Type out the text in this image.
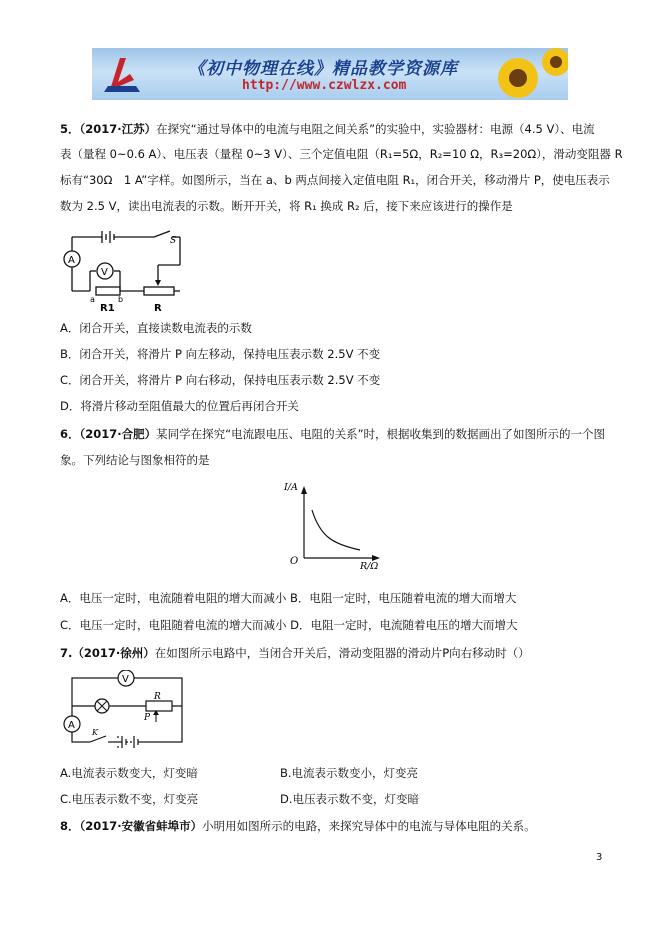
《初中物理在线》精品教学资源库
http://www.czwlzx.com
5．（2017·江苏）在探究“通过导体中的电流与电阻之间关系”的实验中，实验器材：电源（4.5 V）、电流
表（量程 0~0.6 A）、电压表（量程 0~3 V）、三个定值电阻（R₁=5Ω，R₂=10 Ω，R₃=20Ω），滑动变阻器 R
标有“30Ω　1 A”字样。如图所示，当在 a、b 两点间接入定值电阻 R₁，闭合开关，移动滑片 P，使电压表示
数为 2.5 V，读出电流表的示数。断开开关，将 R₁ 换成 R₂ 后，接下来应该进行的操作是
A
V
S
a	b
R1	R
A．闭合开关，直接读数电流表的示数
B．闭合开关，将滑片 P 向左移动，保持电压表示数 2.5V 不变
C．闭合开关，将滑片 P 向右移动，保持电压表示数 2.5V 不变
D．将滑片移动至阻值最大的位置后再闭合开关
6．（2017·合肥）某同学在探究“电流跟电压、电阻的关系”时，根据收集到的数据画出了如图所示的一个图
象。下列结论与图象相符的是
I/A
R/Ω
O
A．电压一定时，电流随着电阻的增大而减小 B．电阻一定时，电压随着电流的增大而增大
C．电压一定时，电阻随着电流的增大而减小 D．电阻一定时，电流随着电压的增大而增大
7.（2017·徐州）在如图所示电路中，当闭合开关后，滑动变阻器的滑动片P向右移动时（）
V
R
P
A
K
A.电流表示数变大，灯变暗	B.电流表示数变小，灯变亮
C.电压表示数不变，灯变亮	D.电压表示数不变，灯变暗
8．（2017·安徽省蚌埠市）小明用如图所示的电路，来探究导体中的电流与导体电阻的关系。
3
